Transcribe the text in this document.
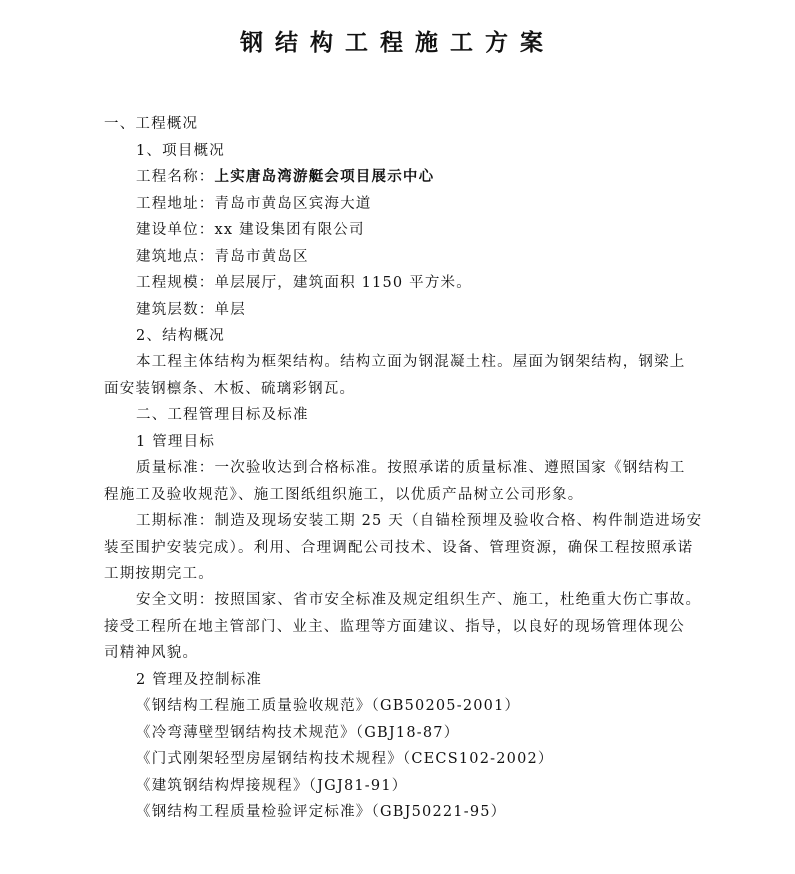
钢结构工程施工方案
一、工程概况
1、项目概况
工程名称：上实唐岛湾游艇会项目展示中心
工程地址：青岛市黄岛区宾海大道
建设单位：xx 建设集团有限公司
建筑地点：青岛市黄岛区
工程规模：单层展厅，建筑面积 1150 平方米。
建筑层数：单层
2、结构概况
本工程主体结构为框架结构。结构立面为钢混凝土柱。屋面为钢架结构，钢梁上
面安装钢檩条、木板、硫璃彩钢瓦。
二、工程管理目标及标准
1 管理目标
质量标准：一次验收达到合格标准。按照承诺的质量标准、遵照国家《钢结构工
程施工及验收规范》、施工图纸组织施工，以优质产品树立公司形象。
工期标准：制造及现场安装工期 25 天（自锚栓预埋及验收合格、构件制造进场安
装至围护安装完成）。利用、合理调配公司技术、设备、管理资源，确保工程按照承诺
工期按期完工。
安全文明：按照国家、省市安全标准及规定组织生产、施工，杜绝重大伤亡事故。
接受工程所在地主管部门、业主、监理等方面建议、指导，以良好的现场管理体现公
司精神风貌。
2 管理及控制标准
《钢结构工程施工质量验收规范》（GB50205-2001）
《冷弯薄壁型钢结构技术规范》（GBJ18-87）
《门式刚架轻型房屋钢结构技术规程》（CECS102-2002）
《建筑钢结构焊接规程》（JGJ81-91）
《钢结构工程质量检验评定标准》（GBJ50221-95）
